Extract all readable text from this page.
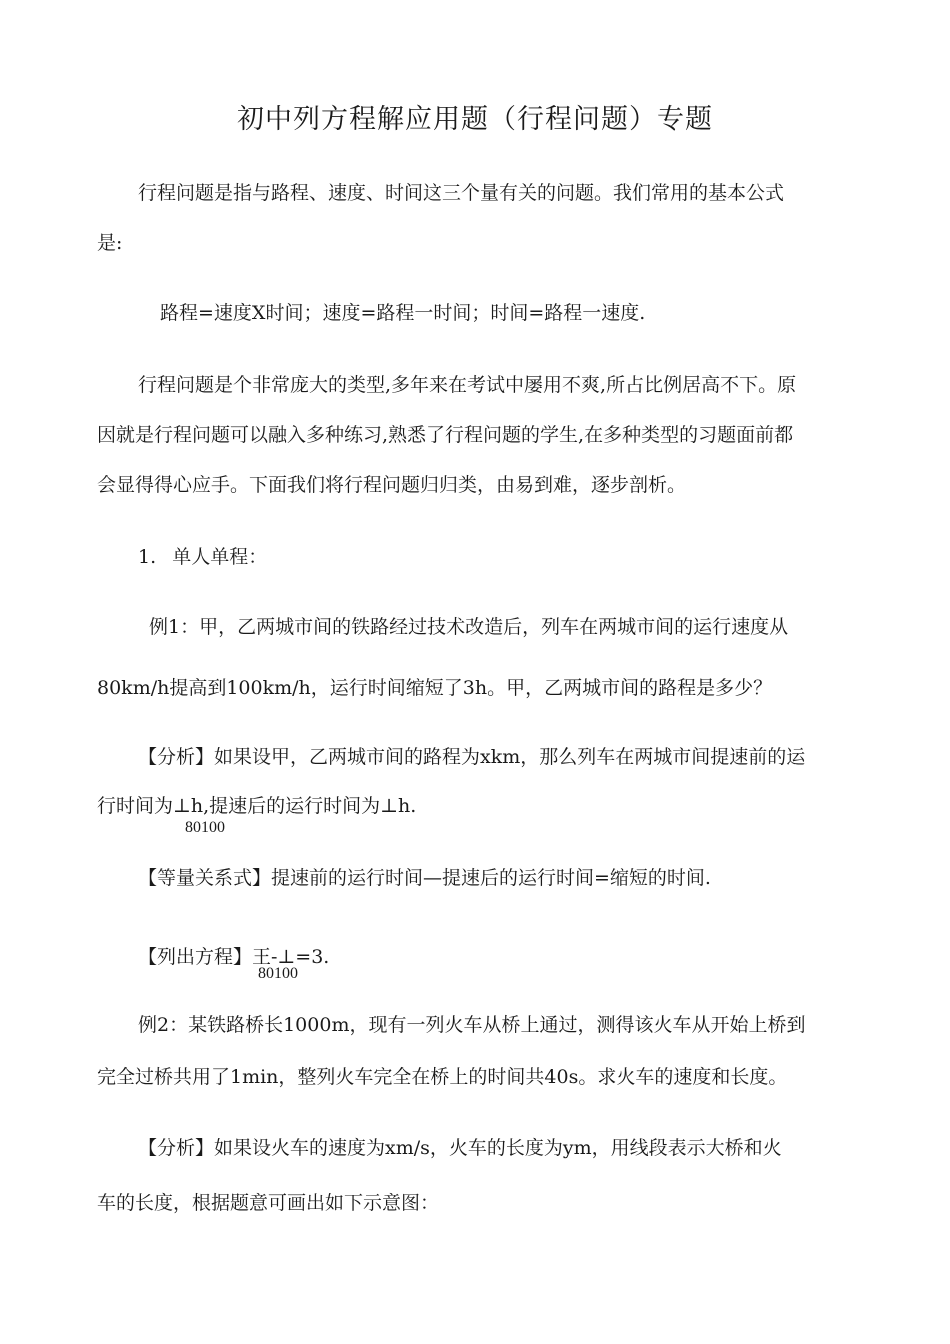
初中列方程解应用题（行程问题）专题
行程问题是指与路程、速度、时间这三个量有关的问题。我们常用的基本公式
是:
路程=速度X时间；速度=路程一时间；时间=路程一速度.
行程问题是个非常庞大的类型,多年来在考试中屡用不爽,所占比例居高不下。原
因就是行程问题可以融入多种练习,熟悉了行程问题的学生,在多种类型的习题面前都
会显得得心应手。下面我们将行程问题归归类，由易到难，逐步剖析。
1. 单人单程：
例1：甲，乙两城市间的铁路经过技术改造后，列车在两城市间的运行速度从
80km/h提高到100km/h，运行时间缩短了3h。甲，乙两城市间的路程是多少？
【分析】如果设甲，乙两城市间的路程为xkm，那么列车在两城市间提速前的运
行时间为⊥h,提速后的运行时间为⊥h.
80100
【等量关系式】提速前的运行时间—提速后的运行时间=缩短的时间.
【列出方程】王-⊥=3.
80100
例2：某铁路桥长1000m，现有一列火车从桥上通过，测得该火车从开始上桥到
完全过桥共用了1min，整列火车完全在桥上的时间共40s。求火车的速度和长度。
【分析】如果设火车的速度为xm/s，火车的长度为ym，用线段表示大桥和火
车的长度，根据题意可画出如下示意图：
